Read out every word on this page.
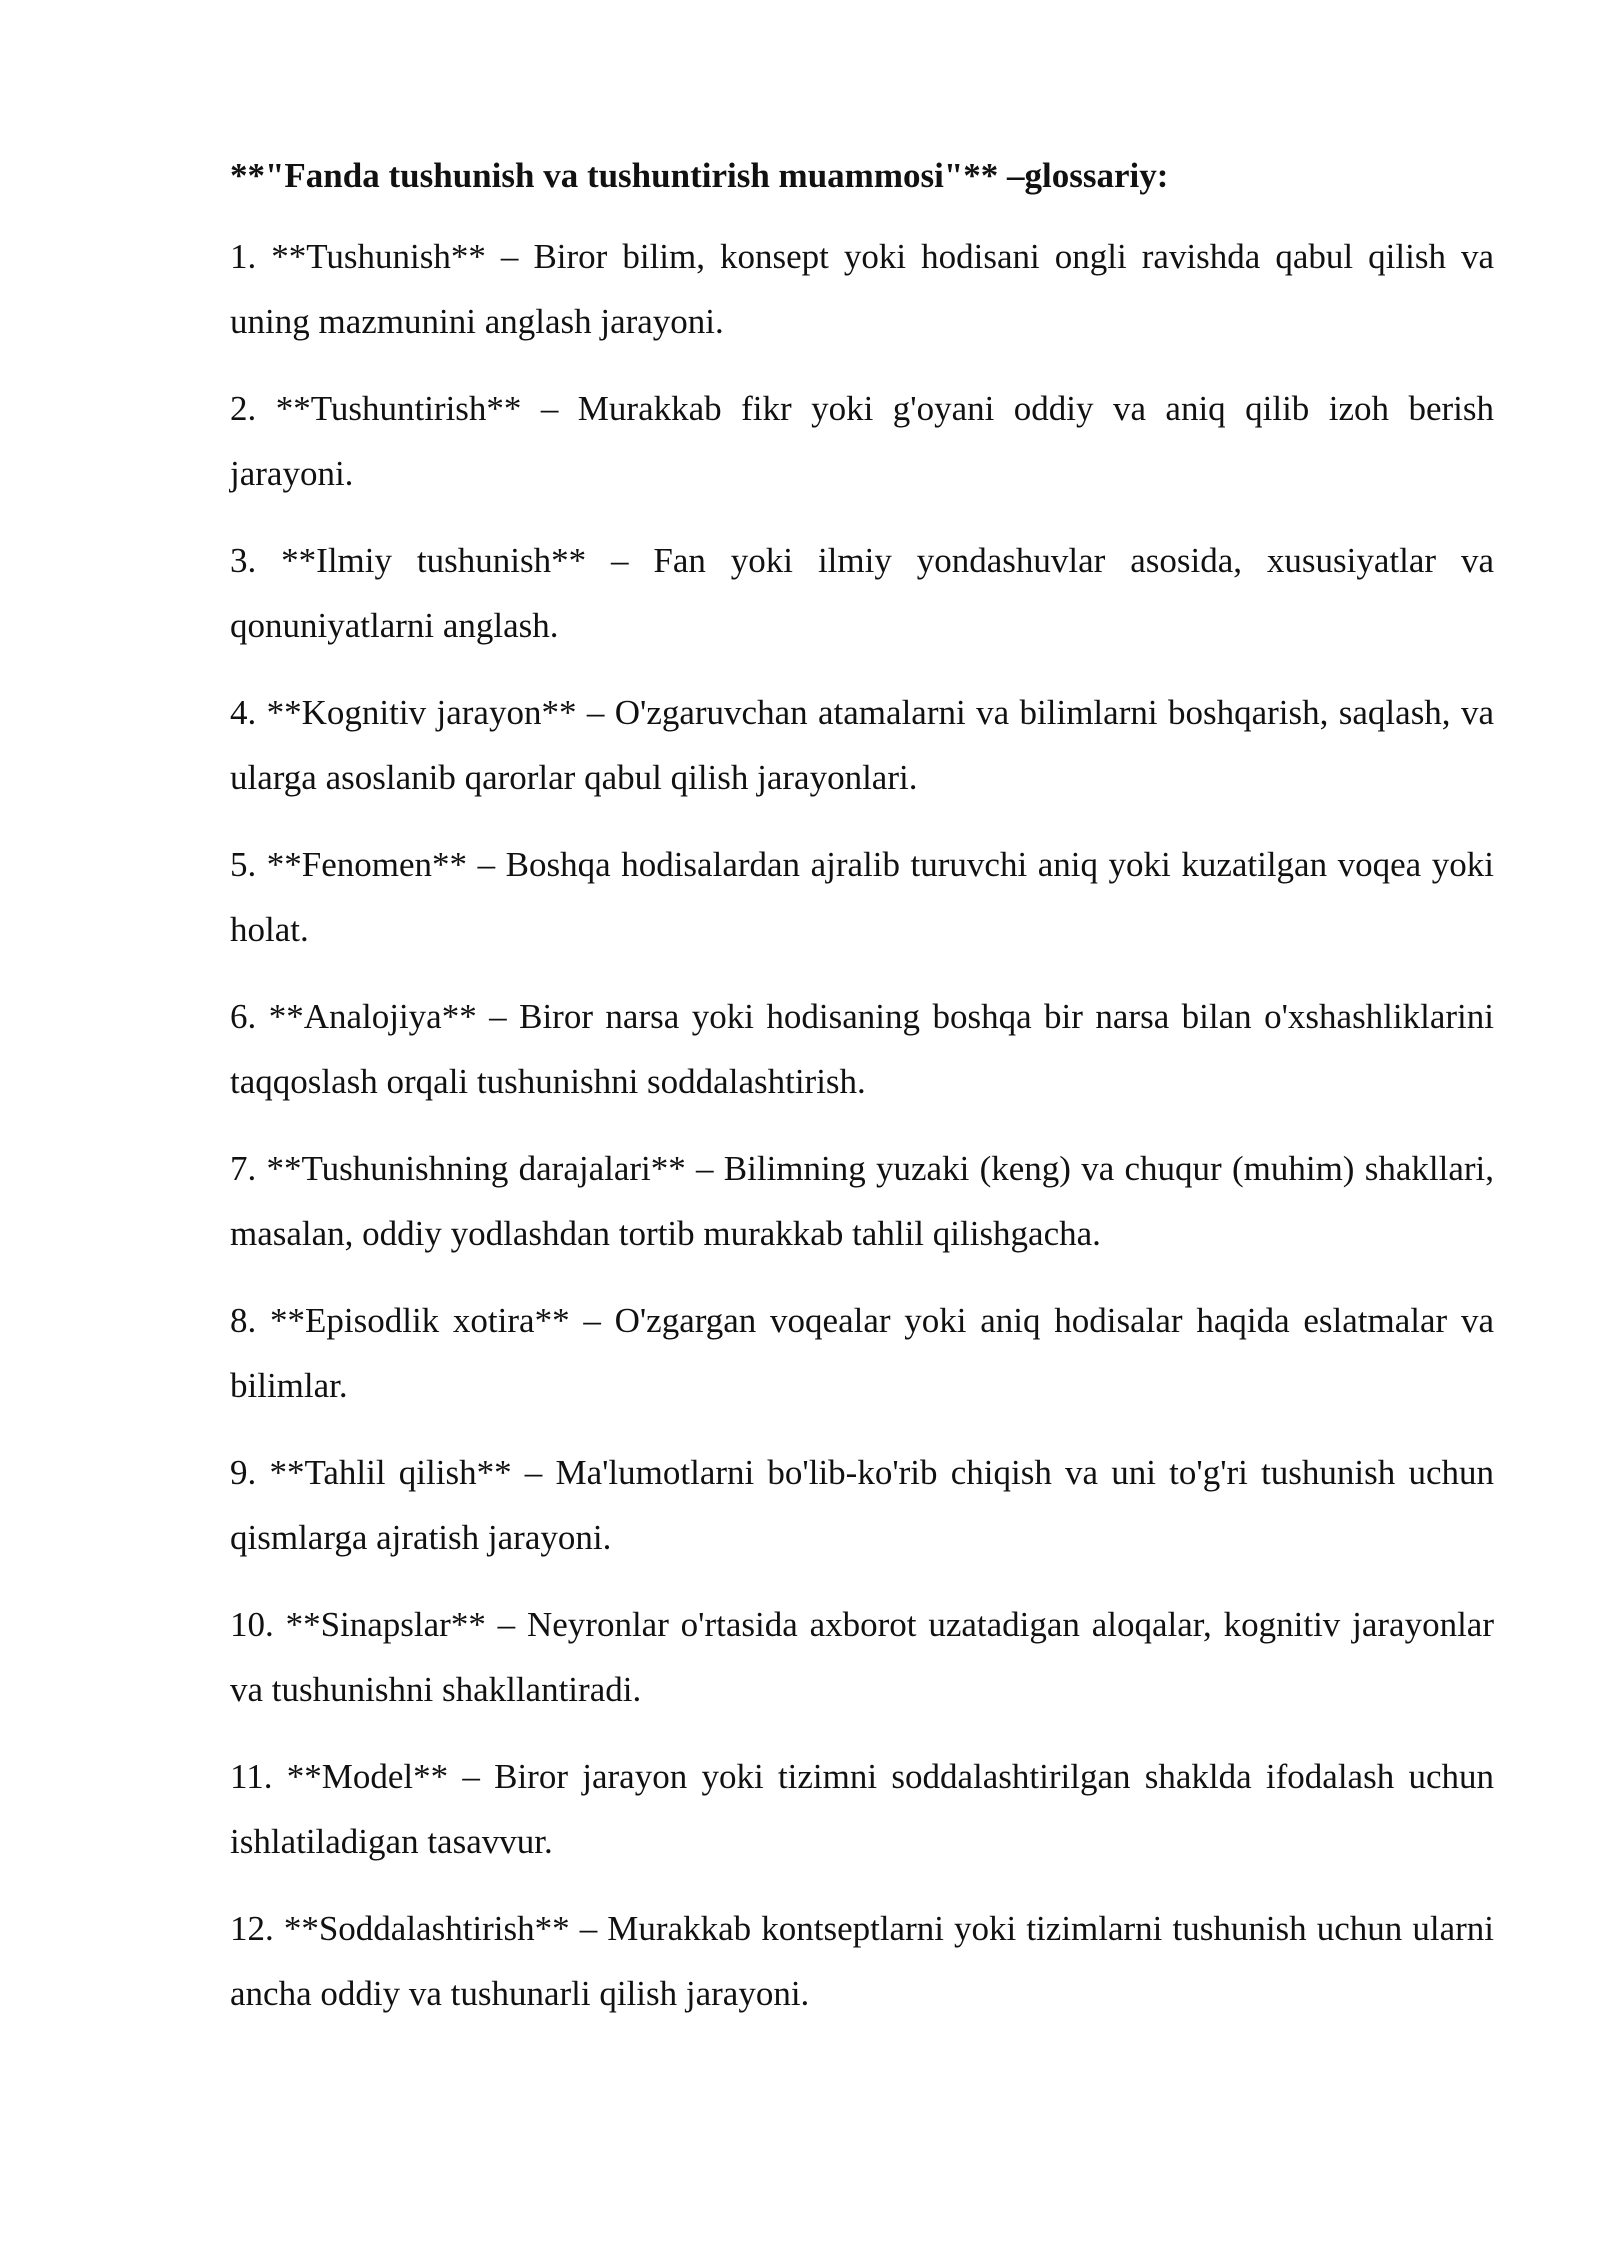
**"Fanda tushunish va tushuntirish muammosi"** –glossariy:

1. **Tushunish** – Biror bilim, konsept yoki hodisani ongli ravishda qabul qilish va uning mazmunini anglash jarayoni.

2. **Tushuntirish** – Murakkab fikr yoki g'oyani oddiy va aniq qilib izoh berish jarayoni.

3. **Ilmiy tushunish** – Fan yoki ilmiy yondashuvlar asosida, xususiyatlar va qonuniyatlarni anglash.

4. **Kognitiv jarayon** – O'zgaruvchan atamalarni va bilimlarni boshqarish, saqlash, va ularga asoslanib qarorlar qabul qilish jarayonlari.

5. **Fenomen** – Boshqa hodisalardan ajralib turuvchi aniq yoki kuzatilgan voqea yoki holat.

6. **Analojiya** – Biror narsa yoki hodisaning boshqa bir narsa bilan o'xshashliklarini taqqoslash orqali tushunishni soddalashtirish.

7. **Tushunishning darajalari** – Bilimning yuzaki (keng) va chuqur (muhim) shakllari, masalan, oddiy yodlashdan tortib murakkab tahlil qilishgacha.

8. **Episodlik xotira** – O'zgargan voqealar yoki aniq hodisalar haqida eslatmalar va bilimlar.

9. **Tahlil qilish** – Ma'lumotlarni bo'lib-ko'rib chiqish va uni to'g'ri tushunish uchun qismlarga ajratish jarayoni.

10. **Sinapslar** – Neyronlar o'rtasida axborot uzatadigan aloqalar, kognitiv jarayonlar va tushunishni shakllantiradi.

11. **Model** – Biror jarayon yoki tizimni soddalashtirilgan shaklda ifodalash uchun ishlatiladigan tasavvur.

12. **Soddalashtirish** – Murakkab kontseptlarni yoki tizimlarni tushunish uchun ularni ancha oddiy va tushunarli qilish jarayoni.
